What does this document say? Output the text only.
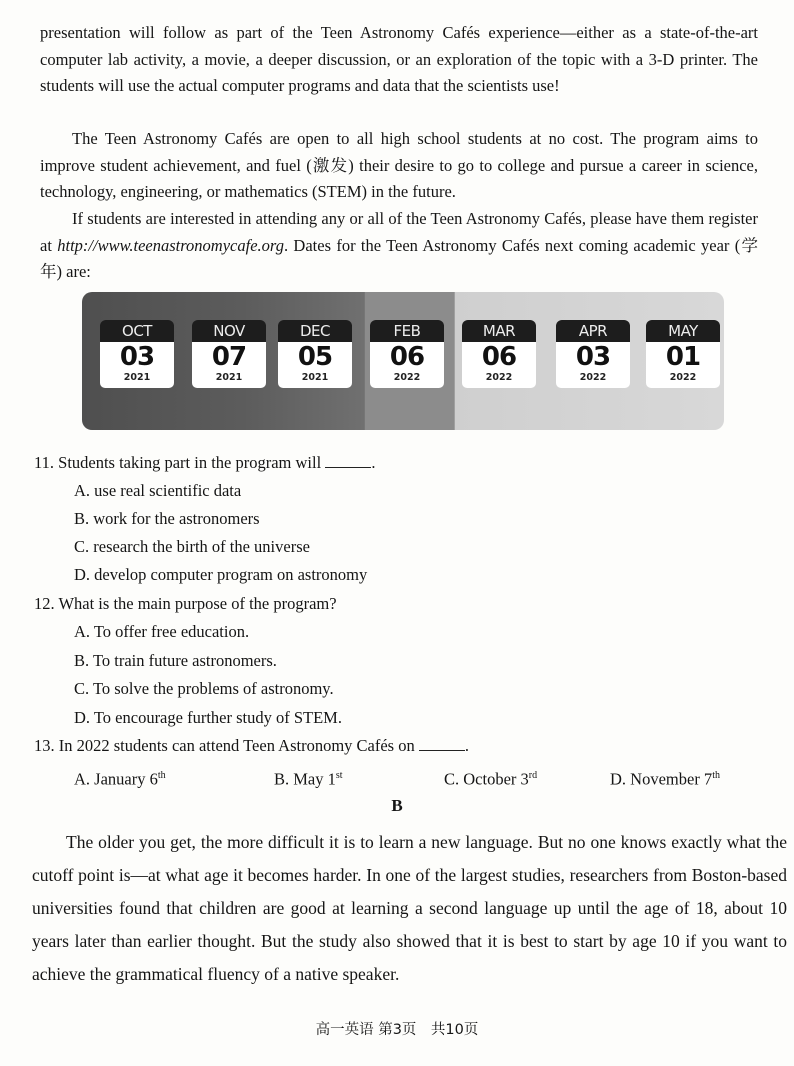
presentation will follow as part of the Teen Astronomy Cafés experience—either as a state-of-the-art computer lab activity, a movie, a deeper discussion, or an exploration of the topic with a 3-D printer. The students will use the actual computer programs and data that the scientists use!

The Teen Astronomy Cafés are open to all high school students at no cost. The program aims to improve student achievement, and fuel (激发) their desire to go to college and pursue a career in science, technology, engineering, or mathematics (STEM) in the future.

If students are interested in attending any or all of the Teen Astronomy Cafés, please have them register at http://www.teenastronomycafe.org. Dates for the Teen Astronomy Cafés next coming academic year (学年) are:

OCT
03
2021
NOV
07
2021
DEC
05
2021
FEB
06
2022
MAR
06
2022
APR
03
2022
MAY
01
2022

11. Students taking part in the program will	.

A. use real scientific data

B. work for the astronomers

C. research the birth of the universe

D. develop computer program on astronomy

12. What is the main purpose of the program?

A. To offer free education.

B. To train future astronomers.

C. To solve the problems of astronomy.

D. To encourage further study of STEM.

13. In 2022 students can attend Teen Astronomy Cafés on	.

A. January 6th	B. May 1st	C. October 3rd	D. November 7th

B

The older you get, the more difficult it is to learn a new language. But no one knows exactly what the cutoff point is—at what age it becomes harder. In one of the largest studies, researchers from Boston-based universities found that children are good at learning a second language up until the age of 18, about 10 years later than earlier thought. But the study also showed that it is best to start by age 10 if you want to achieve the grammatical fluency of a native speaker.

高一英语 第3页　共10页
